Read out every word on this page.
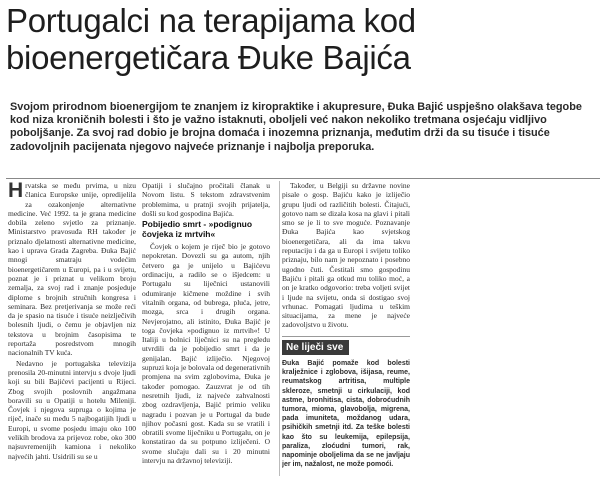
Portugalci na terapijama kod
bioenergetičara Đuke Bajića

Svojom prirodnom bioenergijom te znanjem iz kiropraktike i akupresure, Đuka Bajić uspješno olakšava tegobe kod niza kroničnih bolesti i što je važno istaknuti, oboljeli već nakon nekoliko tretmana osjećaju vidljivo poboljšanje. Za svoj rad dobio je brojna domaća i inozemna priznanja, međutim drži da su tisuće i tisuće zadovoljnih pacijenata njegovo najveće priznanje i najbolja preporuka.

Hrvatska se među prvima, u nizu članica Europske unije, opredijelila za ozakonjenje alternativne medicine. Već 1992. ta je grana medicine dobila zeleno svjetlo za priznanje. Ministarstvo pravosuđa RH također je priznalo djelatnosti alternativne medicine, kao i uprava Grada Zagreba. Đuka Bajić mnogi smatraju vodećim bioenergetičarem u Europi, pa i u svijetu, poznat je i priznat u velikom broju zemalja, za svoj rad i znanje posjeduje diplome s brojnih stručnih kongresa i seminara. Bez pretjerivanja se može reći da je spasio na tisuće i tisuće neizlječivih bolesnih ljudi, o čemu je objavljen niz tekstova u brojnim časopisima te reportaža posredstvom mnogih nacionalnih TV kuća.

Nedavno je portugalska televizija prenosila 20-minutni intervju s dvoje ljudi koji su bili Bajićevi pacijenti u Rijeci. Zbog svojih poslovnih angažmana boravili su u Opatiji u hotelu Mileniji. Čovjek i njegova supruga o kojima je riječ, inače su među 5 najbogatijih ljudi u Europi, u svome posjedu imaju oko 100 velikih brodova za prijevoz robe, oko 300 najsuvremenijih kamiona i nekoliko najvećih jahti. Usidrili su se u

Opatiji i slučajno pročitali članak u Novom listu. S tekstom zdravstvenim problemima, u pratnji svojih prijatelja, došli su kod gospodina Bajića.

Pobijedio smrt - »podignuo čovjeka iz mrtvih«

Čovjek o kojem je riječ bio je gotovo nepokretan. Dovezli su ga autom, njih četvero ga je unijelo u Bajićevu ordinaciju, a radilo se o išjedcem: u Portugalu su liječnici ustanovili odumiranje kičmene moždine i svih vitalnih organa, od bubrega, pluća, jetre, mozga, srca i drugih organa. Nevjerojatno, ali istinito, Đuka Bajić je toga čovjeka »podignuo iz mrtvih«! U Italiji u bolnici liječnici su na pregledu utvrdili da je pobijedio smrt i da je genijalan. Bajić izliječio. Njegovoj supruzi koja je bolovala od degenerativnih promjena na svim zglobovima, Đuka je također pomogao. Zauzvrat je od tih nesretnih ljudi, iz najveće zahvalnosti zbog ozdravljenja, Bajić primio veliku nagradu i pozvan je u Portugal da bude njihov počasni gost. Kada su se vratili i obratili svome liječniku u Portugalu, on je konstatirao da su potpuno izliječeni. O svome slučaju dali su i 20 minutni intervju na državnoj televiziji.

Također, u Belgiji su državne novine pisale o gosp. Bajiću kako je izliječio grupu ljudi od različitih bolesti. Čitajući, gotovo nam se dizala kosa na glavi i pitali smo se je li to sve moguće. Poznavanje Đuka Bajića kao svjetskog bioenergetičara, ali da ima takvu reputaciju i da ga u Europi i svijetu toliko priznaju, bilo nam je nepoznato i posebno ugodno čuti. Čestitali smo gospodinu Bajiću i pitali ga otkud mu toliko moć, a on je kratko odgovorio: treba voljeti svijet i ljude na svijetu, onda si dostigao svoj vrhunac. Pomagati ljudima u teškim situacijama, za mene je najveće zadovoljstvo u životu.

Ne liječi sve

Đuka Bajić pomaže kod bolesti kralježnice i zglobova, išijasa, reume, reumatskog artritisa, multiple skleroze, smetnji u cirkulaciji, kod astme, bronhitisa, cista, dobroćudnih tumora, mioma, glavobolja, migrena, pada imuniteta, moždanog udara, psihičkih smetnji itd. Za teške bolesti kao što su leukemija, epilepsija, paraliza, zloćudni tumori, rak, napominje oboljelima da se ne javljaju jer im, nažalost, ne može pomoći.
